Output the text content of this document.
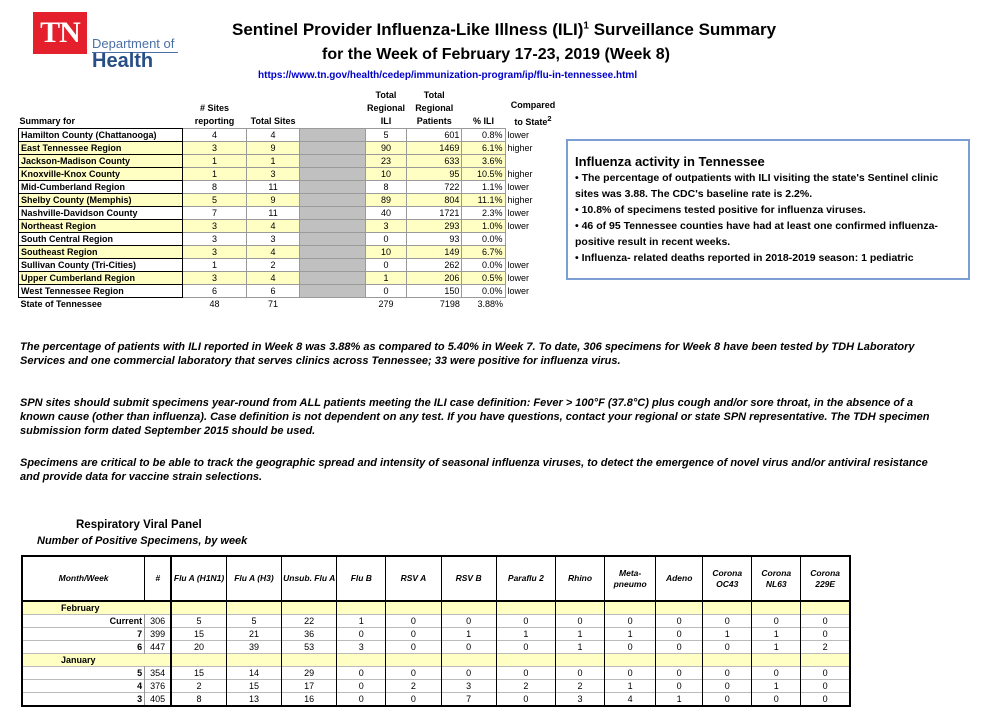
TN Department of
Health
Sentinel Provider Influenza-Like Illness (ILI)$^1$ Surveillance Summary
for the Week of February 17-23, 2019 (Week 8)
https://www.tn.gov/health/cedep/immunization-program/ip/flu-in-tennessee.html
Summary for	# Sites reporting	Total Sites		Total Regional ILI	Total Regional Patients	% ILI	Compared to State$^2$
Hamilton County (Chattanooga)	4	4		5	601	0.8%	lower
East Tennessee Region	3	9		90	1469	6.1%	higher
Jackson-Madison County	1	1		23	633	3.6%	
Knoxville-Knox County	1	3		10	95	10.5%	higher
Mid-Cumberland Region	8	11		8	722	1.1%	lower
Shelby County (Memphis)	5	9		89	804	11.1%	higher
Nashville-Davidson County	7	11		40	1721	2.3%	lower
Northeast Region	3	4		3	293	1.0%	lower
South Central Region	3	3		0	93	0.0%	
Southeast Region	3	4		10	149	6.7%	
Sullivan County (Tri-Cities)	1	2		0	262	0.0%	lower
Upper Cumberland Region	3	4		1	206	0.5%	lower
West Tennessee Region	6	6		0	150	0.0%	lower
State of Tennessee	48	71		279	7198	3.88%	
Influenza activity in Tennessee
• The percentage of outpatients with ILI visiting the state's Sentinel clinic sites was 3.88. The CDC's baseline rate is 2.2%.
• 10.8% of specimens tested positive for influenza viruses.
• 46 of 95 Tennessee counties have had at least one confirmed influenza-positive result in recent weeks.
• Influenza- related deaths reported in 2018-2019 season: 1 pediatric
The percentage of patients with ILI reported in Week 8 was 3.88% as compared to 5.40% in Week 7. To date, 306 specimens for Week 8 have been tested by TDH Laboratory Services and one commercial laboratory that serves clinics across Tennessee; 33 were positive for influenza virus.
SPN sites should submit specimens year-round from ALL patients meeting the ILI case definition: Fever > 100°F (37.8°C) plus cough and/or sore throat, in the absence of a known cause (other than influenza). Case definition is not dependent on any test. If you have questions, contact your regional or state SPN representative. The TDH specimen submission form dated September 2015 should be used.
Specimens are critical to be able to track the geographic spread and intensity of seasonal influenza viruses, to detect the emergence of novel virus and/or antiviral resistance and provide data for vaccine strain selections.
Respiratory Viral Panel
Number of Positive Specimens, by week
Month/Week	#	Flu A (H1N1)	Flu A (H3)	Unsub. Flu A	Flu B	RSV A	RSV B	Paraflu 2	Rhino	Meta-pneumo	Adeno	Corona OC43	Corona NL63	Corona 229E
February														
Current	306	5	5	22	1	0	0	0	0	0	0	0	0	0
7	399	15	21	36	0	0	1	1	1	1	0	1	1	0
6	447	20	39	53	3	0	0	0	1	0	0	0	1	2
January														
5	354	15	14	29	0	0	0	0	0	0	0	0	0	0
4	376	2	15	17	0	2	3	2	2	1	0	0	1	0
3	405	8	13	16	0	0	7	0	3	4	1	0	0	0
